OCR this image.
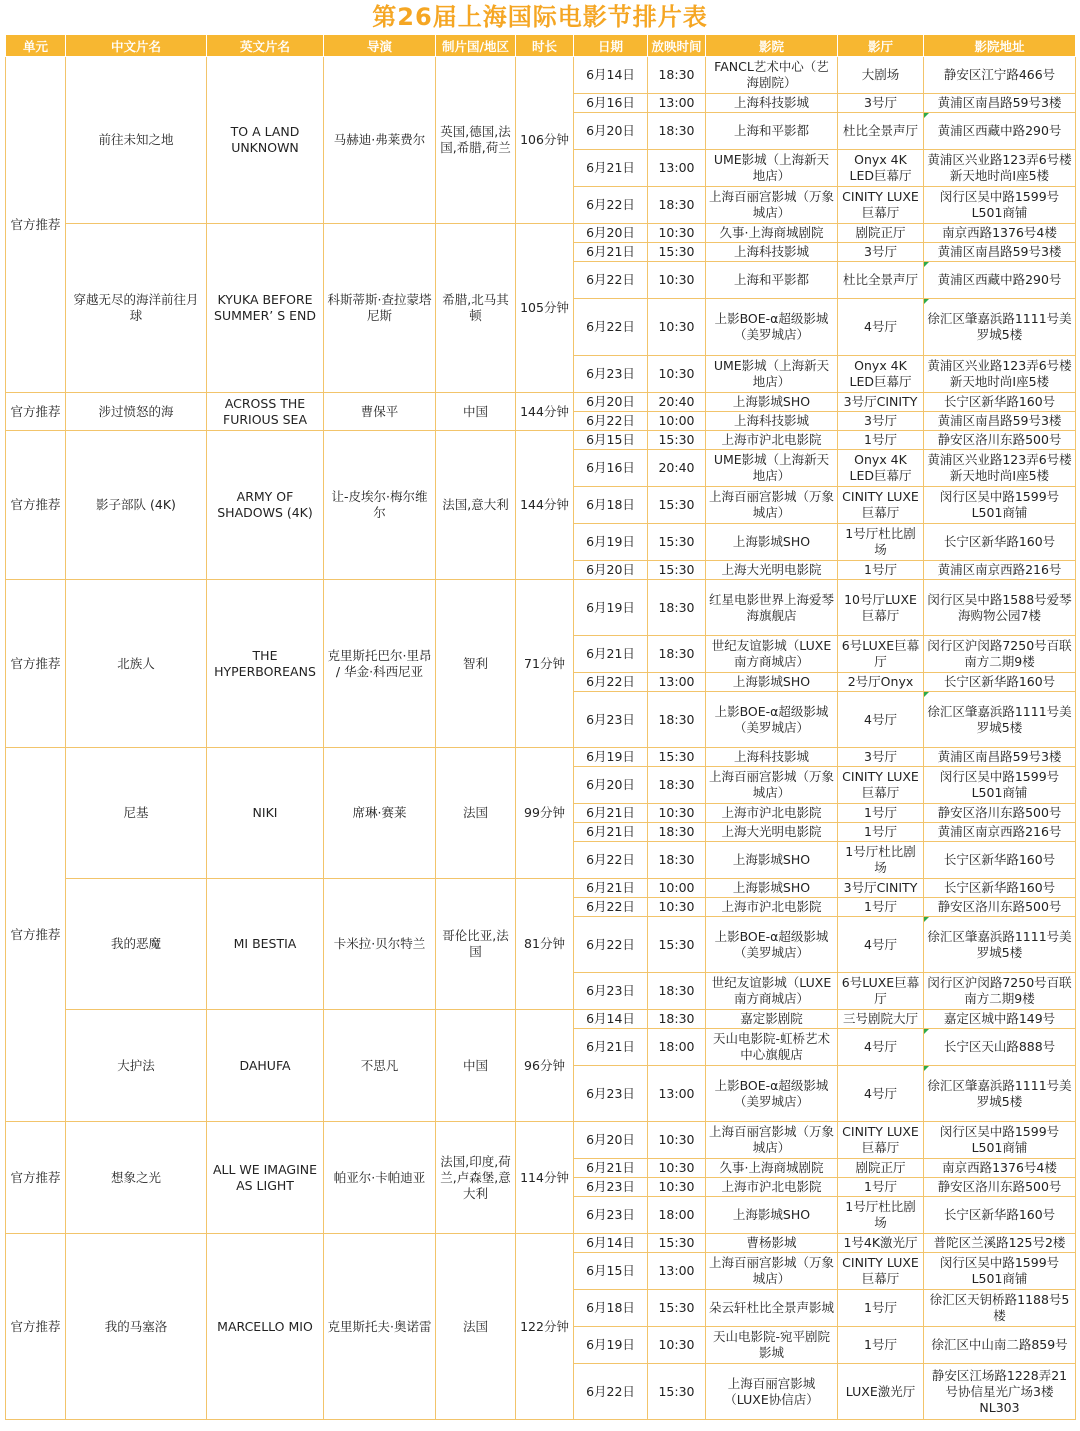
第26届上海国际电影节排片表
单元	中文片名	英文片名	导演	制片国/地区	时长	日期	放映时间	影院	影厅	影院地址
官方推荐	前往未知之地	TO A LAND UNKNOWN	马赫迪·弗莱费尔	英国,德国,法国,希腊,荷兰	106分钟	6月14日	18:30	FANCL艺术中心（艺海剧院）	大剧场	静安区江宁路466号
						6月16日	13:00	上海科技影城	3号厅	黄浦区南昌路59号3楼
						6月20日	18:30	上海和平影都	杜比全景声厅	黄浦区西藏中路290号
						6月21日	13:00	UME影城（上海新天地店）	Onyx 4K LED巨幕厅	黄浦区兴业路123弄6号楼新天地时尚Ⅰ座5楼
						6月22日	18:30	上海百丽宫影城（万象城店）	CINITY LUXE巨幕厅	闵行区吴中路1599号L501商铺
	穿越无尽的海洋前往月球	KYUKA BEFORE SUMMER’ S END	科斯蒂斯·查拉蒙塔尼斯	希腊,北马其顿	105分钟	6月20日	10:30	久事·上海商城剧院	剧院正厅	南京西路1376号4楼
						6月21日	15:30	上海科技影城	3号厅	黄浦区南昌路59号3楼
						6月22日	10:30	上海和平影都	杜比全景声厅	黄浦区西藏中路290号
						6月22日	10:30	上影BOE-α超级影城（美罗城店）	4号厅	徐汇区肇嘉浜路1111号美罗城5楼
						6月23日	10:30	UME影城（上海新天地店）	Onyx 4K LED巨幕厅	黄浦区兴业路123弄6号楼新天地时尚Ⅰ座5楼
官方推荐	涉过愤怒的海	ACROSS THE FURIOUS SEA	曹保平	中国	144分钟	6月20日	20:40	上海影城SHO	3号厅CINITY	长宁区新华路160号
						6月22日	10:00	上海科技影城	3号厅	黄浦区南昌路59号3楼
官方推荐	影子部队 (4K)	ARMY OF SHADOWS (4K)	让-皮埃尔·梅尔维尔	法国,意大利	144分钟	6月15日	15:30	上海市沪北电影院	1号厅	静安区洛川东路500号
						6月16日	20:40	UME影城（上海新天地店）	Onyx 4K LED巨幕厅	黄浦区兴业路123弄6号楼新天地时尚Ⅰ座5楼
						6月18日	15:30	上海百丽宫影城（万象城店）	CINITY LUXE巨幕厅	闵行区吴中路1599号L501商铺
						6月19日	15:30	上海影城SHO	1号厅杜比剧场	长宁区新华路160号
						6月20日	15:30	上海大光明电影院	1号厅	黄浦区南京西路216号
官方推荐	北族人	THE HYPERBOREANS	克里斯托巴尔·里昂 / 华金·科西尼亚	智利	71分钟	6月19日	18:30	红星电影世界上海爱琴海旗舰店	10号厅LUXE巨幕厅	闵行区吴中路1588号爱琴海购物公园7楼
						6月21日	18:30	世纪友谊影城（LUXE南方商城店）	6号LUXE巨幕厅	闵行区沪闵路7250号百联南方二期9楼
						6月22日	13:00	上海影城SHO	2号厅Onyx	长宁区新华路160号
						6月23日	18:30	上影BOE-α超级影城（美罗城店）	4号厅	徐汇区肇嘉浜路1111号美罗城5楼
官方推荐	尼基	NIKI	席琳·赛莱	法国	99分钟	6月19日	15:30	上海科技影城	3号厅	黄浦区南昌路59号3楼
						6月20日	18:30	上海百丽宫影城（万象城店）	CINITY LUXE巨幕厅	闵行区吴中路1599号L501商铺
						6月21日	10:30	上海市沪北电影院	1号厅	静安区洛川东路500号
						6月21日	18:30	上海大光明电影院	1号厅	黄浦区南京西路216号
						6月22日	18:30	上海影城SHO	1号厅杜比剧场	长宁区新华路160号
	我的恶魔	MI BESTIA	卡米拉·贝尔特兰	哥伦比亚,法国	81分钟	6月21日	10:00	上海影城SHO	3号厅CINITY	长宁区新华路160号
						6月22日	10:30	上海市沪北电影院	1号厅	静安区洛川东路500号
						6月22日	15:30	上影BOE-α超级影城（美罗城店）	4号厅	徐汇区肇嘉浜路1111号美罗城5楼
						6月23日	18:30	世纪友谊影城（LUXE南方商城店）	6号LUXE巨幕厅	闵行区沪闵路7250号百联南方二期9楼
	大护法	DAHUFA	不思凡	中国	96分钟	6月14日	18:30	嘉定影剧院	三号剧院大厅	嘉定区城中路149号
						6月21日	18:00	天山电影院-虹桥艺术中心旗舰店	4号厅	长宁区天山路888号
						6月23日	13:00	上影BOE-α超级影城（美罗城店）	4号厅	徐汇区肇嘉浜路1111号美罗城5楼
官方推荐	想象之光	ALL WE IMAGINE AS LIGHT	帕亚尔·卡帕迪亚	法国,印度,荷兰,卢森堡,意大利	114分钟	6月20日	10:30	上海百丽宫影城（万象城店）	CINITY LUXE巨幕厅	闵行区吴中路1599号L501商铺
						6月21日	10:30	久事·上海商城剧院	剧院正厅	南京西路1376号4楼
						6月23日	10:30	上海市沪北电影院	1号厅	静安区洛川东路500号
						6月23日	18:00	上海影城SHO	1号厅杜比剧场	长宁区新华路160号
官方推荐	我的马塞洛	MARCELLO MIO	克里斯托夫·奥诺雷	法国	122分钟	6月14日	15:30	曹杨影城	1号4K激光厅	普陀区兰溪路125号2楼
						6月15日	13:00	上海百丽宫影城（万象城店）	CINITY LUXE巨幕厅	闵行区吴中路1599号L501商铺
						6月18日	15:30	朵云轩杜比全景声影城	1号厅	徐汇区天钥桥路1188号5楼
						6月19日	10:30	天山电影院-宛平剧院影城	1号厅	徐汇区中山南二路859号
						6月22日	15:30	上海百丽宫影城（LUXE协信店）	LUXE激光厅	静安区江场路1228弄21号协信星光广场3楼NL303
